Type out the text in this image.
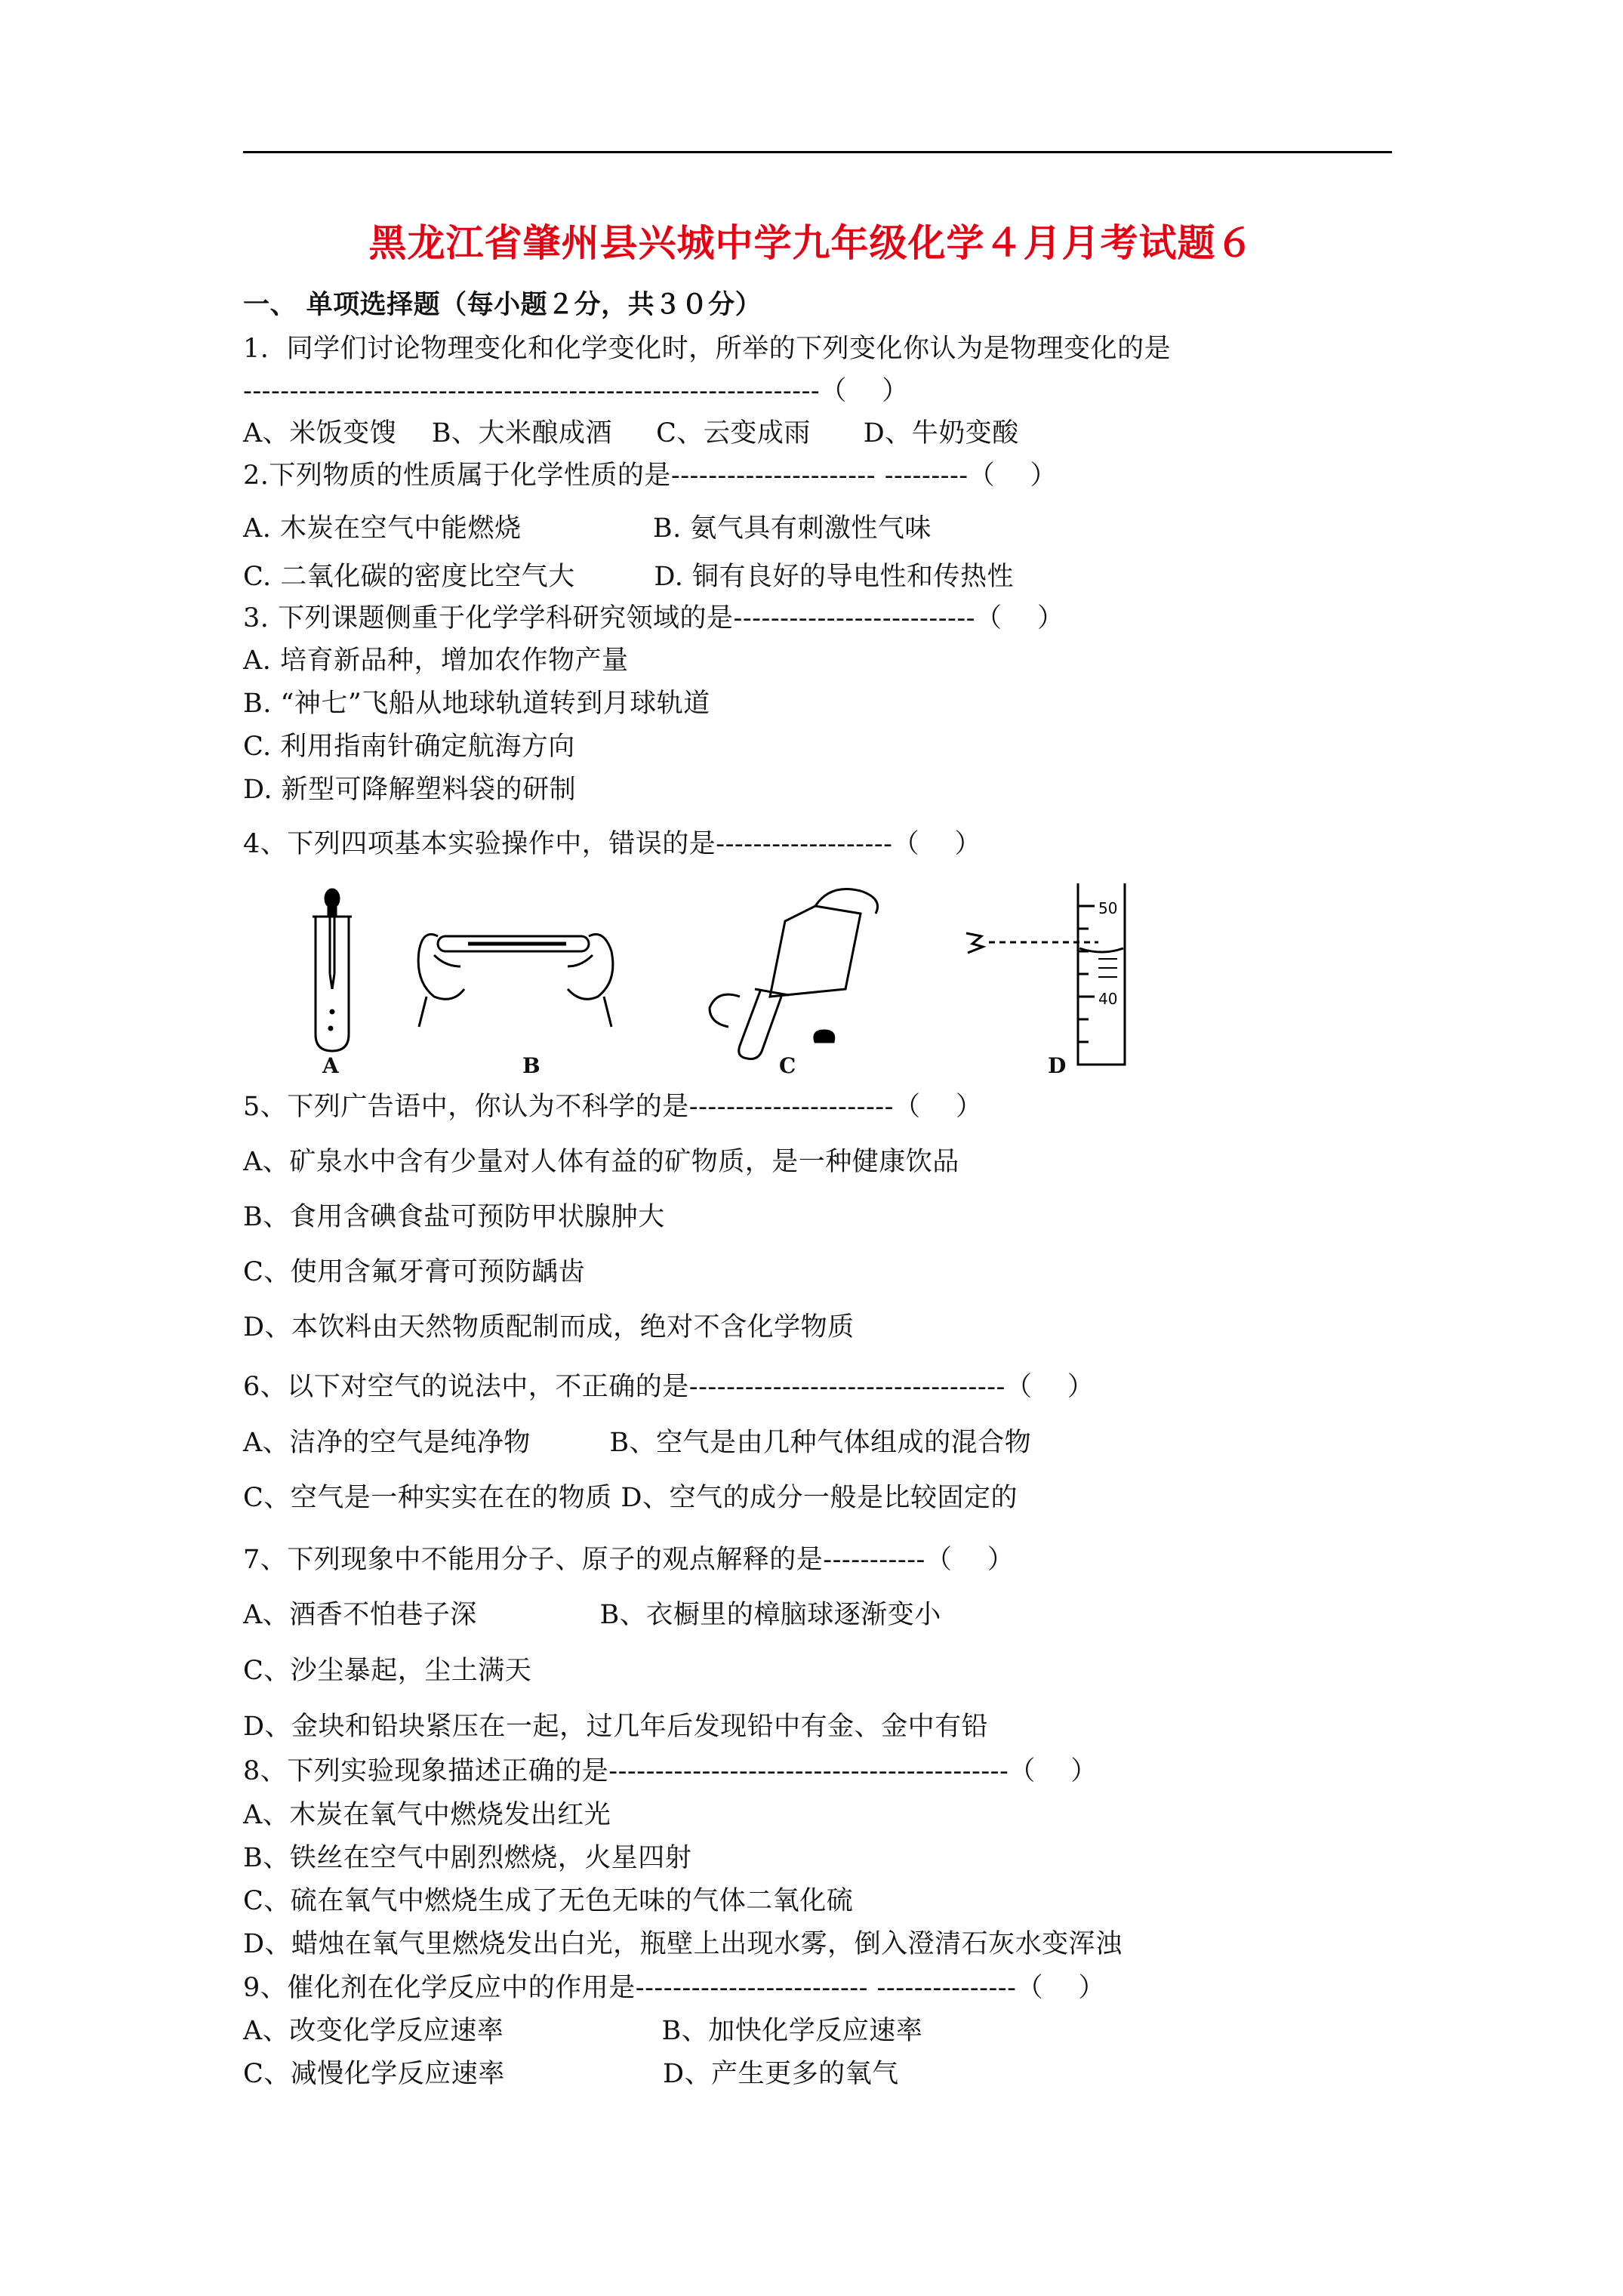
黑龙江省肇州县兴城中学九年级化学４月月考试题６
一、 单项选择题（每小题２分，共３０分）
1.  同学们讨论物理变化和化学变化时，所举的下列变化你认为是物理变化的是
--------------------------------------------------------------（    ）
A、米饭变馊    B、大米酿成酒     C、云变成雨      D、牛奶变酸
2.下列物质的性质属于化学性质的是---------------------- ---------（    ）
A. 木炭在空气中能燃烧               B. 氨气具有刺激性气味
C. 二氧化碳的密度比空气大         D. 铜有良好的导电性和传热性
3. 下列课题侧重于化学学科研究领域的是--------------------------（    ）
A. 培育新品种，增加农作物产量
B. “神七”飞船从地球轨道转到月球轨道
C. 利用指南针确定航海方向
D. 新型可降解塑料袋的研制
4、下列四项基本实验操作中，错误的是-------------------（    ）
50
40
A	B	C	D
5、下列广告语中，你认为不科学的是----------------------（    ）
A、矿泉水中含有少量对人体有益的矿物质，是一种健康饮品
B、食用含碘食盐可预防甲状腺肿大
C、使用含氟牙膏可预防龋齿
D、本饮料由天然物质配制而成，绝对不含化学物质
6、以下对空气的说法中，不正确的是----------------------------------（    ）
A、洁净的空气是纯净物         B、空气是由几种气体组成的混合物
C、空气是一种实实在在的物质 D、空气的成分一般是比较固定的
7、下列现象中不能用分子、原子的观点解释的是-----------（    ）
A、酒香不怕巷子深              B、衣橱里的樟脑球逐渐变小
C、沙尘暴起，尘土满天
D、金块和铅块紧压在一起，过几年后发现铅中有金、金中有铅
8、下列实验现象描述正确的是-------------------------------------------（    ）
A、木炭在氧气中燃烧发出红光
B、铁丝在空气中剧烈燃烧，火星四射
C、硫在氧气中燃烧生成了无色无味的气体二氧化硫
D、蜡烛在氧气里燃烧发出白光，瓶壁上出现水雾，倒入澄清石灰水变浑浊
9、催化剂在化学反应中的作用是------------------------- ---------------（    ）
A、改变化学反应速率                  B、加快化学反应速率
C、减慢化学反应速率                  D、产生更多的氧气
